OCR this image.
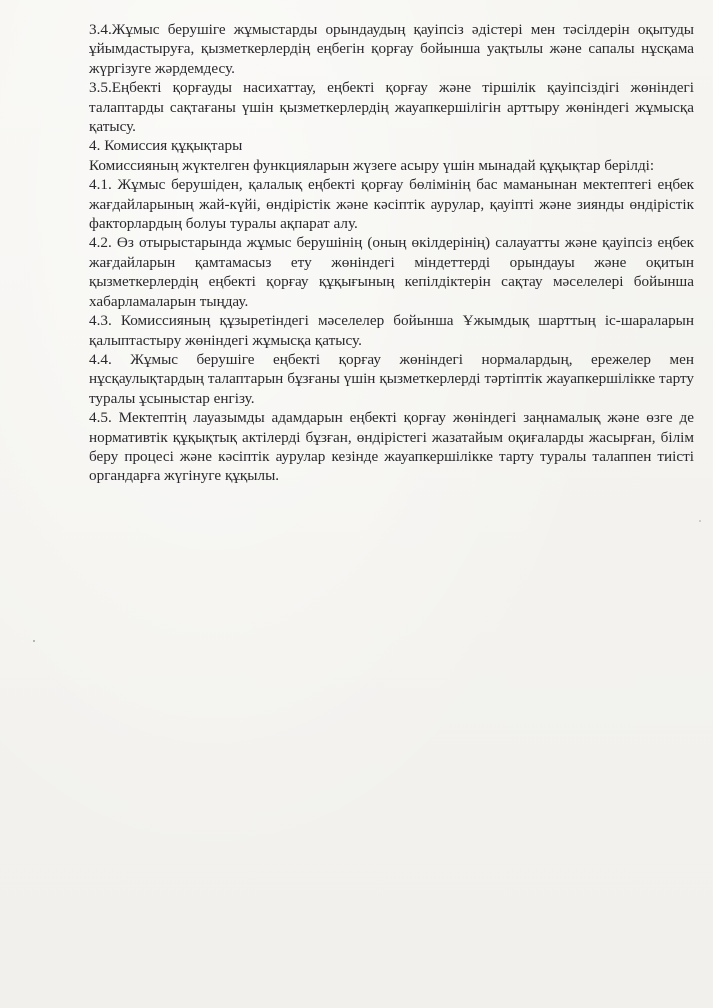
3.4.Жұмыс берушіге жұмыстарды орындаудың қауіпсіз әдістері мен тәсілдерін оқытуды ұйымдастыруға, қызметкерлердің еңбегін қорғау бойынша уақтылы және сапалы нұсқама жүргізуге жәрдемдесу.

3.5.Еңбекті қорғауды насихаттау, еңбекті қорғау және тіршілік қауіпсіздігі жөніндегі талаптарды сақтағаны үшін қызметкерлердің жауапкершілігін арттыру жөніндегі жұмысқа қатысу.

4. Комиссия құқықтары

Комиссияның жүктелген функцияларын жүзеге асыру үшін мынадай құқықтар берілді:

4.1. Жұмыс берушіден, қалалық еңбекті қорғау бөлімінің бас маманынан мектептегі еңбек жағдайларының жай-күйі, өндірістік және кәсіптік аурулар, қауіпті және зиянды өндірістік факторлардың болуы туралы ақпарат алу.

4.2. Өз отырыстарында жұмыс берушінің (оның өкілдерінің) салауатты және қауіпсіз еңбек жағдайларын қамтамасыз ету жөніндегі міндеттерді орындауы және оқитын қызметкерлердің еңбекті қорғау құқығының кепілдіктерін сақтау мәселелері бойынша хабарламаларын тыңдау.

4.3. Комиссияның құзыретіндегі мәселелер бойынша Ұжымдық шарттың іс-шараларын қалыптастыру жөніндегі жұмысқа қатысу.

4.4. Жұмыс берушіге еңбекті қорғау жөніндегі нормалардың, ережелер мен нұсқаулықтардың талаптарын бұзғаны үшін қызметкерлерді тәртіптік жауапкершілікке тарту туралы ұсыныстар енгізу.

4.5. Мектептің лауазымды адамдарын еңбекті қорғау жөніндегі заңнамалық және өзге де нормативтік құқықтық актілерді бұзған, өндірістегі жазатайым оқиғаларды жасырған, білім беру процесі және кәсіптік аурулар кезінде жауапкершілікке тарту туралы талаппен тиісті органдарға жүгінуге құқылы.
